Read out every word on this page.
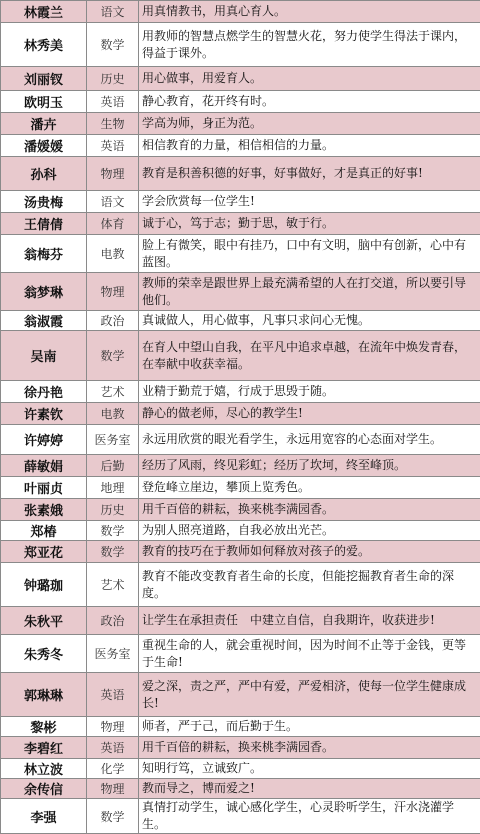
林霞兰	语文	用真情教书，用真心育人。
林秀美	数学	用教师的智慧点燃学生的智慧火花，努力使学生得法于课内，得益于课外。
刘丽钗	历史	用心做事，用爱育人。
欧明玉	英语	静心教育，花开终有时。
潘卉	生物	学高为师，身正为范。
潘媛媛	英语	相信教育的力量，相信相信的力量。
孙科	物理	教育是积善积德的好事，好事做好，才是真正的好事!
汤贵梅	语文	学会欣赏每一位学生!
王倩倩	体育	诚于心，笃于志；勤于思，敏于行。
翁梅芬	电教	脸上有微笑，眼中有挂乃，口中有文明，脑中有创新，心中有蓝图。
翁梦琳	物理	教师的荣幸是跟世界上最充满希望的人在打交道，所以要引导他们。
翁淑霞	政治	真诚做人，用心做事，凡事只求问心无愧。
吴南	数学	在育人中望山自我，在平凡中追求卓越，在流年中焕发青春，在奉献中收获幸福。
徐丹艳	艺术	业精于勤荒于嬉，行成于思毁于随。
许素钦	电教	静心的做老师，尽心的教学生!
许婷婷	医务室	永远用欣赏的眼光看学生，永远用宽容的心态面对学生。
薛敏娟	后勤	经历了风雨，终见彩虹；经历了坎坷，终至峰顶。
叶丽贞	地理	登危峰立崖边，攀顶上览秀色。
张素娥	历史	用千百倍的耕耘，换来桃李满园香。
郑椿	数学	为别人照亮道路，自我必放出光芒。
郑亚花	数学	教育的技巧在于教师如何释放对孩子的爱。
钟璐珈	艺术	教育不能改变教育者生命的长度，但能挖掘教育者生命的深度。
朱秋平	政治	让学生在承担责任　中建立自信，自我期许，收获进步!
朱秀冬	医务室	重视生命的人，就会重视时间，因为时间不止等于金钱，更等于生命!
郭琳琳	英语	爱之深，责之严，严中有爱，严爱相济，使每一位学生健康成长!
黎彬	物理	师者，严于己，而后勤于生。
李碧红	英语	用千百倍的耕耘，换来桃李满园香。
林立波	化学	知明行笃，立诚致广。
余传信	物理	教而导之，博而爱之!
李强	数学	真情打动学生，诚心感化学生，心灵聆听学生，汗水浇灌学生。
